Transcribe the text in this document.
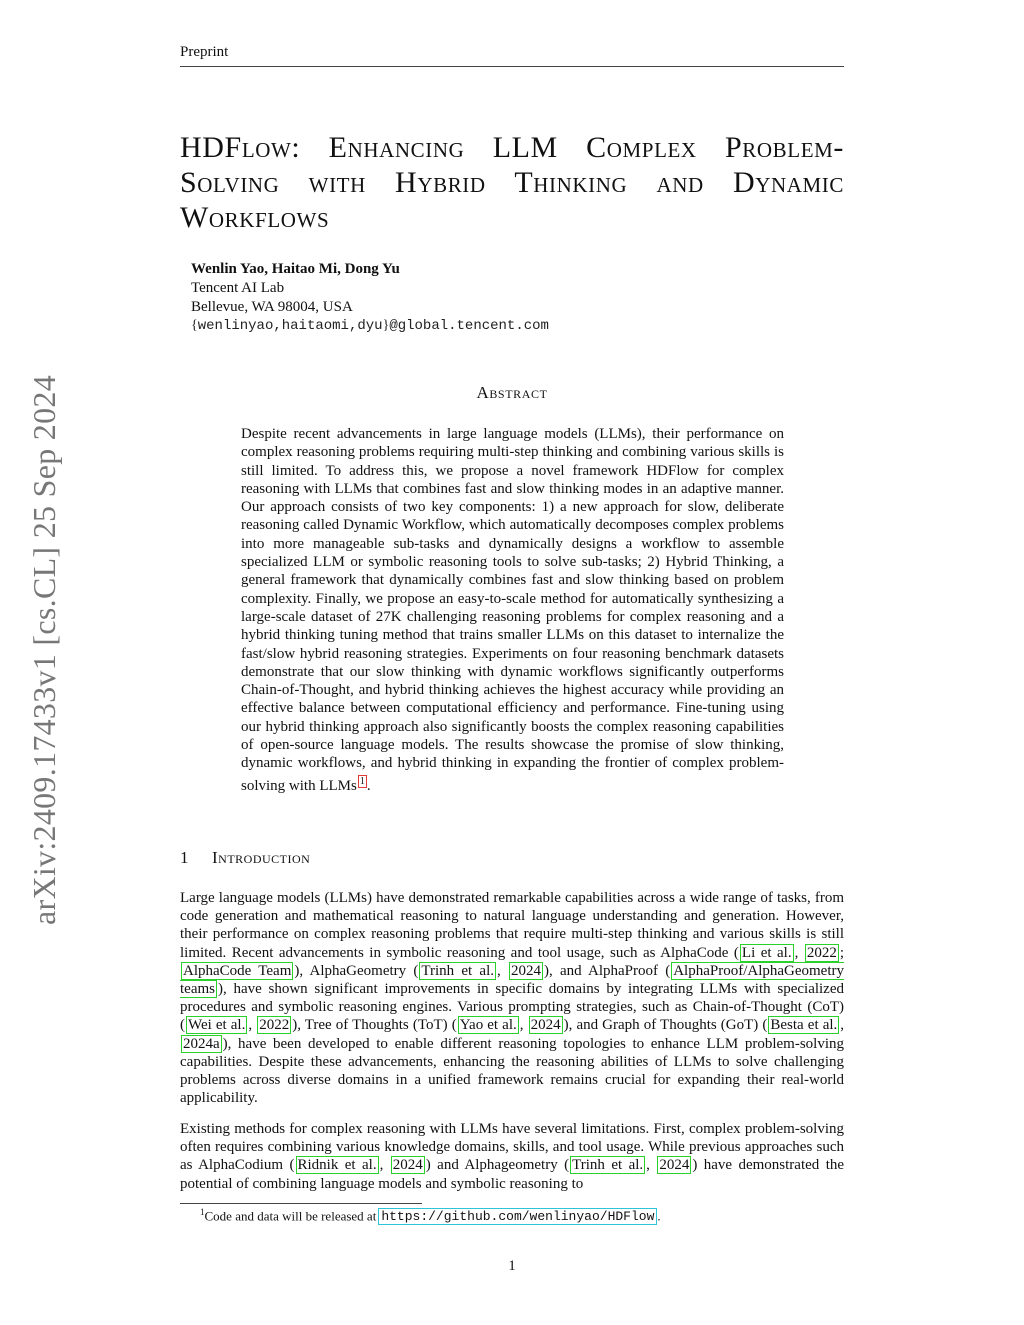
Preprint
arXiv:2409.17433v1 [cs.CL] 25 Sep 2024
HDFlow: Enhancing LLM Complex Problem-
Solving with Hybrid Thinking and Dynamic
Workflows
Wenlin Yao, Haitao Mi, Dong Yu
Tencent AI Lab
Bellevue, WA 98004, USA
{wenlinyao,haitaomi,dyu}@global.tencent.com
Abstract

Despite recent advancements in large language models (LLMs), their performance on complex reasoning problems requiring multi-step thinking and combining various skills is still limited. To address this, we propose a novel framework HDFlow for complex reasoning with LLMs that combines fast and slow thinking modes in an adaptive manner. Our approach consists of two key components: 1) a new approach for slow, deliberate reasoning called Dynamic Workflow, which automatically decomposes complex problems into more manageable sub-tasks and dynamically designs a workflow to assemble specialized LLM or symbolic reasoning tools to solve sub-tasks; 2) Hybrid Thinking, a general framework that dynamically combines fast and slow thinking based on problem complexity. Finally, we propose an easy-to-scale method for automatically synthesizing a large-scale dataset of 27K challenging reasoning problems for complex reasoning and a hybrid thinking tuning method that trains smaller LLMs on this dataset to internalize the fast/slow hybrid reasoning strategies. Experiments on four reasoning benchmark datasets demonstrate that our slow thinking with dynamic workflows significantly outperforms Chain-of-Thought, and hybrid thinking achieves the highest accuracy while providing an effective balance between computational efficiency and performance. Fine-tuning using our hybrid thinking approach also significantly boosts the complex reasoning capabilities of open-source language models. The results showcase the promise of slow thinking, dynamic workflows, and hybrid thinking in expanding the frontier of complex problem-solving with LLMs $^1$ .

1 Introduction

Large language models (LLMs) have demonstrated remarkable capabilities across a wide range of tasks, from code generation and mathematical reasoning to natural language understanding and generation. However, their performance on complex reasoning problems that require multi-step thinking and various skills is still limited. Recent advancements in symbolic reasoning and tool usage, such as AlphaCode ( Li et al. , 2022 ; AlphaCode Team ), AlphaGeometry ( Trinh et al. , 2024 ), and AlphaProof ( AlphaProof/AlphaGeometry teams ), have shown significant improvements in specific domains by integrating LLMs with specialized procedures and symbolic reasoning engines. Various prompting strategies, such as Chain-of-Thought (CoT) ( Wei et al. , 2022 ), Tree of Thoughts (ToT) ( Yao et al. , 2024 ), and Graph of Thoughts (GoT) ( Besta et al. , 2024a ), have been developed to enable different reasoning topologies to enhance LLM problem-solving capabilities. Despite these advancements, enhancing the reasoning abilities of LLMs to solve challenging problems across diverse domains in a unified framework remains crucial for expanding their real-world applicability.

Existing methods for complex reasoning with LLMs have several limitations. First, complex problem-solving often requires combining various knowledge domains, skills, and tool usage. While previous approaches such as AlphaCodium ( Ridnik et al. , 2024 ) and Alphageometry ( Trinh et al. , 2024 ) have demonstrated the potential of combining language models and symbolic reasoning to

$^1$Code and data will be released at https://github.com/wenlinyao/HDFlow .
1
